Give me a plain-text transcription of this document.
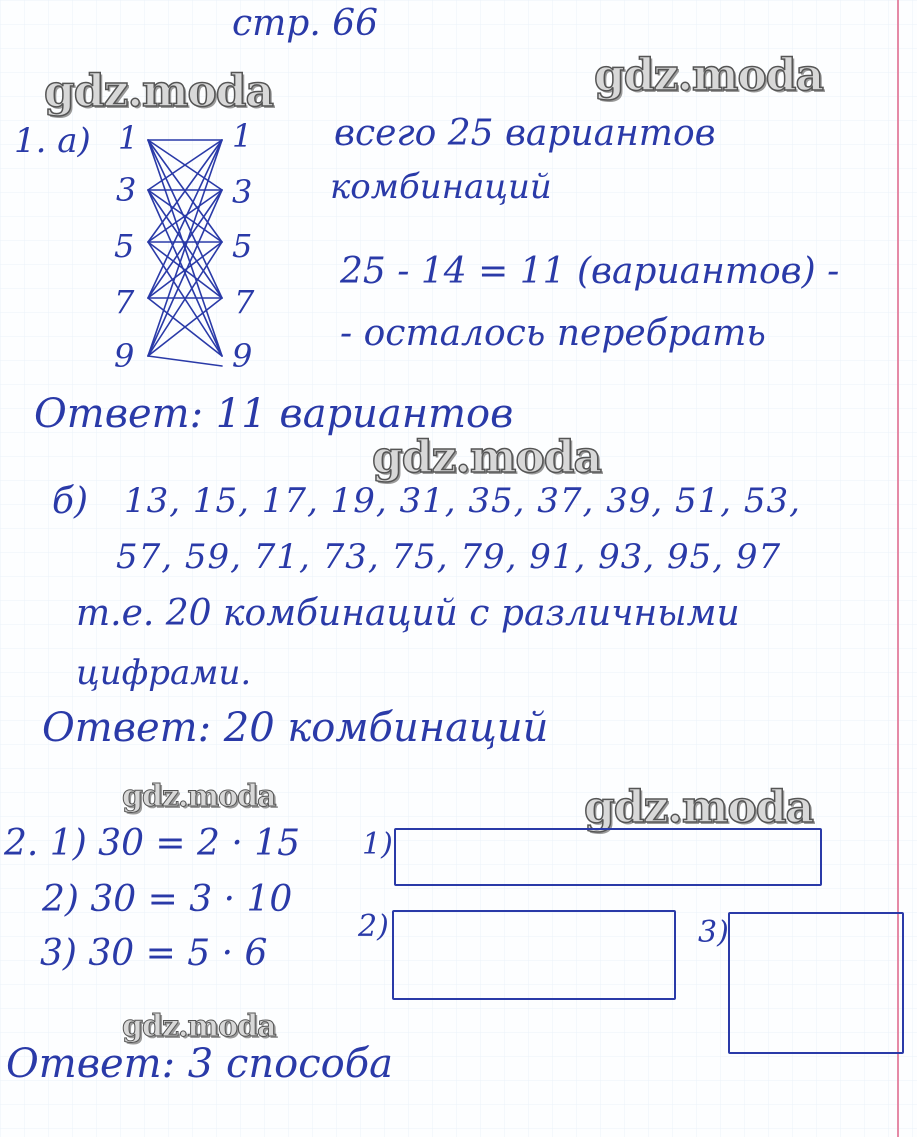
стр. 66
gdz.moda	gdz.moda
gdz.moda
gdz.moda	gdz.moda
gdz.moda
1. а) 1
3
5
7
9
1
3
5
7
9
всего 25 вариантов
комбинаций
25 - 14 = 11 (вариантов) -
- осталось перебрать
Ответ: 11 вариантов
б) 13, 15, 17, 19, 31, 35, 37, 39, 51, 53,
57, 59, 71, 73, 75, 79, 91, 93, 95, 97
т.е. 20 комбинаций с различными
цифрами.
Ответ: 20 комбинаций
2. 1) 30 = 2 · 15
2) 30 = 3 · 10
3) 30 = 5 · 6
1)
2)	3)
Ответ: 3 способа
